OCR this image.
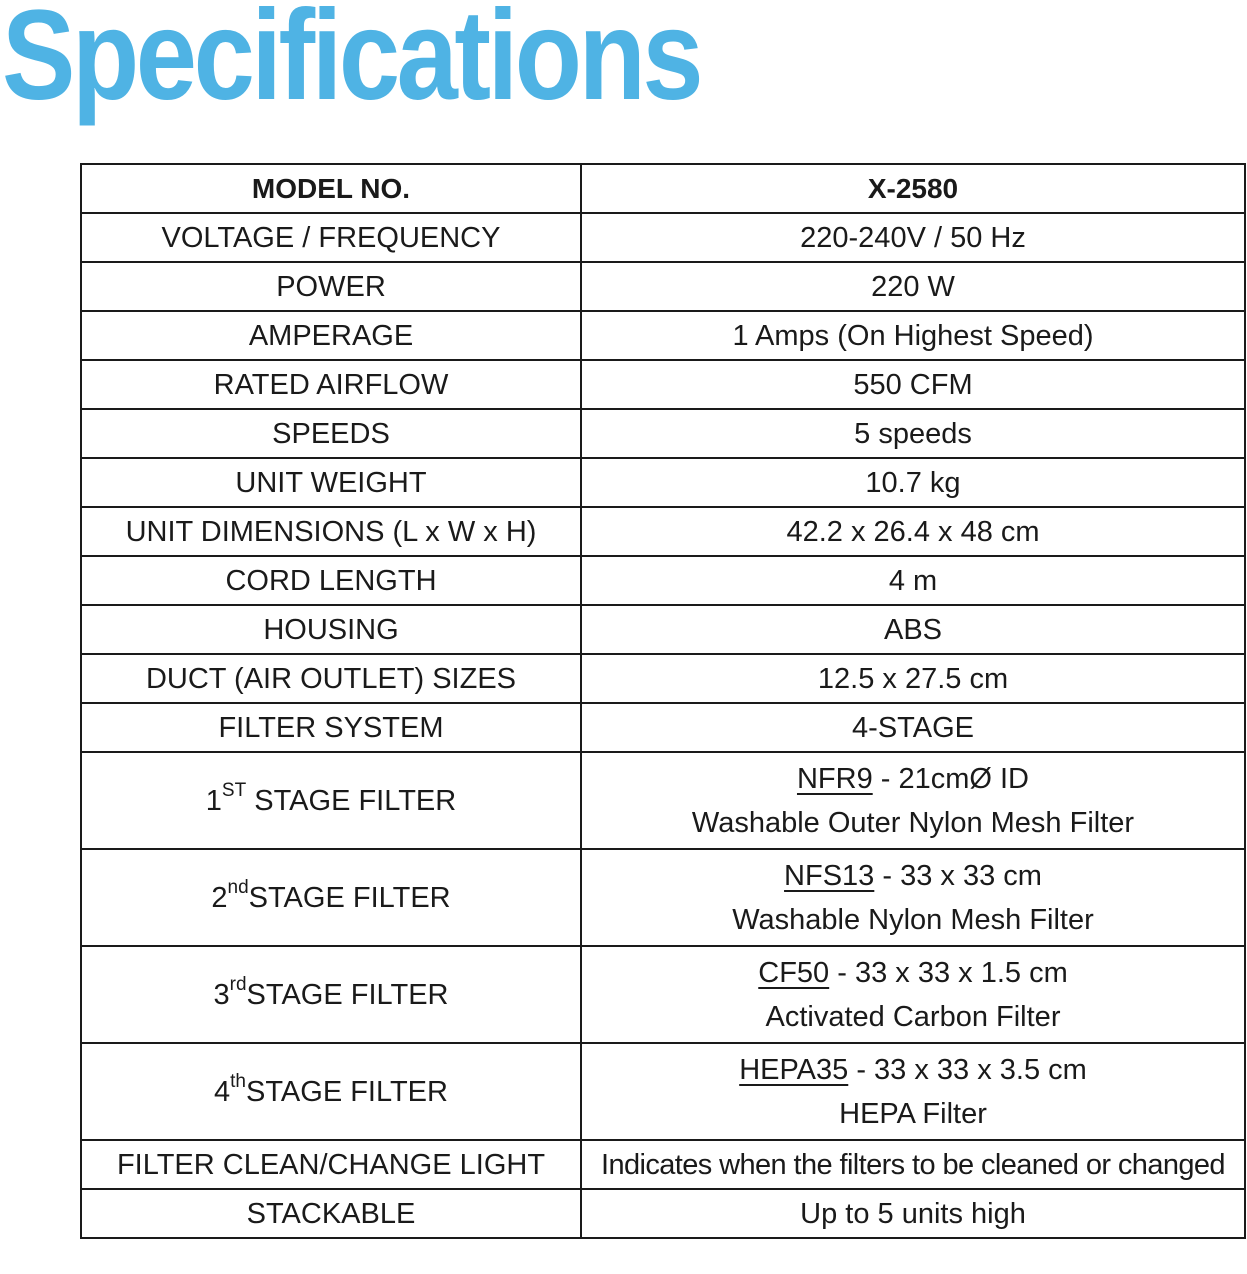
Specifications
MODEL NO.	X-2580
VOLTAGE / FREQUENCY	220-240V / 50 Hz
POWER	220 W
AMPERAGE	1 Amps (On Highest Speed)
RATED AIRFLOW	550 CFM
SPEEDS	5 speeds
UNIT WEIGHT	10.7 kg
UNIT DIMENSIONS (L x W x H)	42.2 x 26.4 x 48 cm
CORD LENGTH	4 m
HOUSING	ABS
DUCT (AIR OUTLET) SIZES	12.5 x 27.5 cm
FILTER SYSTEM	4-STAGE
1ST STAGE FILTER	NFR9 - 21cmØ ID
Washable Outer Nylon Mesh Filter

2ndSTAGE FILTER	NFS13 - 33 x 33 cm
Washable Nylon Mesh Filter

3rdSTAGE FILTER	CF50 - 33 x 33 x 1.5 cm
Activated Carbon Filter

4thSTAGE FILTER	HEPA35 - 33 x 33 x 3.5 cm
HEPA Filter

FILTER CLEAN/CHANGE LIGHT	Indicates when the filters to be cleaned or changed
STACKABLE	Up to 5 units high
